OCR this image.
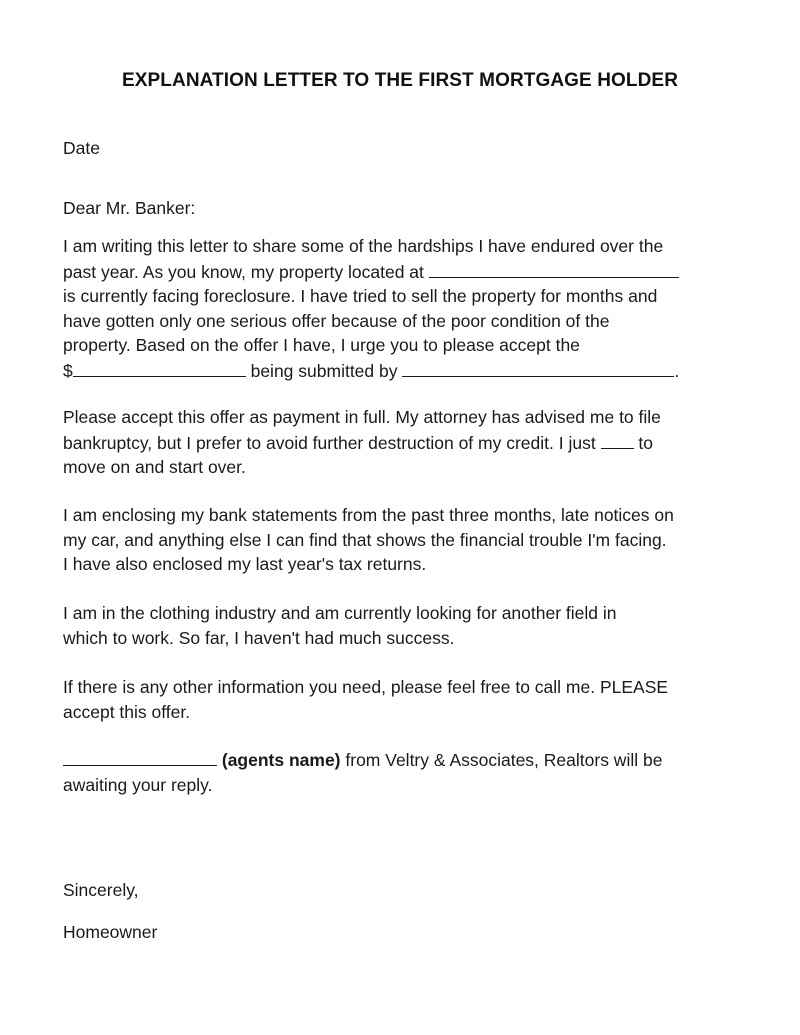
EXPLANATION LETTER TO THE FIRST MORTGAGE HOLDER
Date
Dear Mr. Banker:
I am writing this letter to share some of the hardships I have endured over the
past year. As you know, my property located at
is currently facing foreclosure. I have tried to sell the property for months and
have gotten only one serious offer because of the poor condition of the
property. Based on the offer I have, I urge you to please accept the
$	being submitted by	.
Please accept this offer as payment in full. My attorney has advised me to file
bankruptcy, but I prefer to avoid further destruction of my credit. I just  to
move on and start over.
I am enclosing my bank statements from the past three months, late notices on
my car, and anything else I can find that shows the financial trouble I'm facing.
I have also enclosed my last year's tax returns.
I am in the clothing industry and am currently looking for another field in
which to work. So far, I haven't had much success.
If there is any other information you need, please feel free to call me. PLEASE
accept this offer.
(agents name) from Veltry & Associates, Realtors will be
awaiting your reply.
Sincerely,
Homeowner
